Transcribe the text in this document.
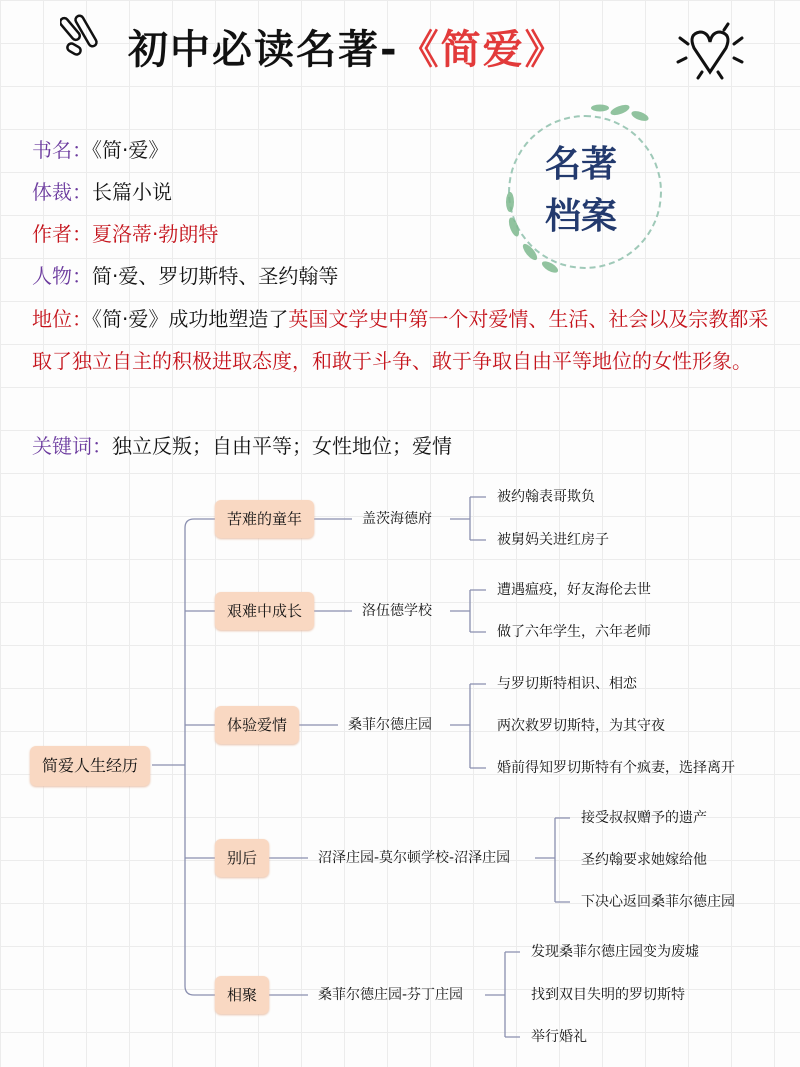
初中必读名著-《简爱》
书名：《简·爱》
体裁：长篇小说
作者：夏洛蒂·勃朗特
人物：简·爱、罗切斯特、圣约翰等
地位：《简·爱》成功地塑造了英国文学史中第一个对爱情、生活、社会以及宗教都采取了独立自主的积极进取态度，和敢于斗争、敢于争取自由平等地位的女性形象。
关键词：独立反叛；自由平等；女性地位；爱情
名著
档案
简爱人生经历
苦难的童年	盖茨海德府
被约翰表哥欺负
被舅妈关进红房子
艰难中成长	洛伍德学校
遭遇瘟疫，好友海伦去世
做了六年学生，六年老师
体验爱情	桑菲尔德庄园
与罗切斯特相识、相恋
两次救罗切斯特，为其守夜
婚前得知罗切斯特有个疯妻，选择离开
别后	沼泽庄园-莫尔顿学校-沼泽庄园
接受叔叔赠予的遗产
圣约翰要求她嫁给他
下决心返回桑菲尔德庄园
相聚	桑菲尔德庄园-芬丁庄园
发现桑菲尔德庄园变为废墟
找到双目失明的罗切斯特
举行婚礼
